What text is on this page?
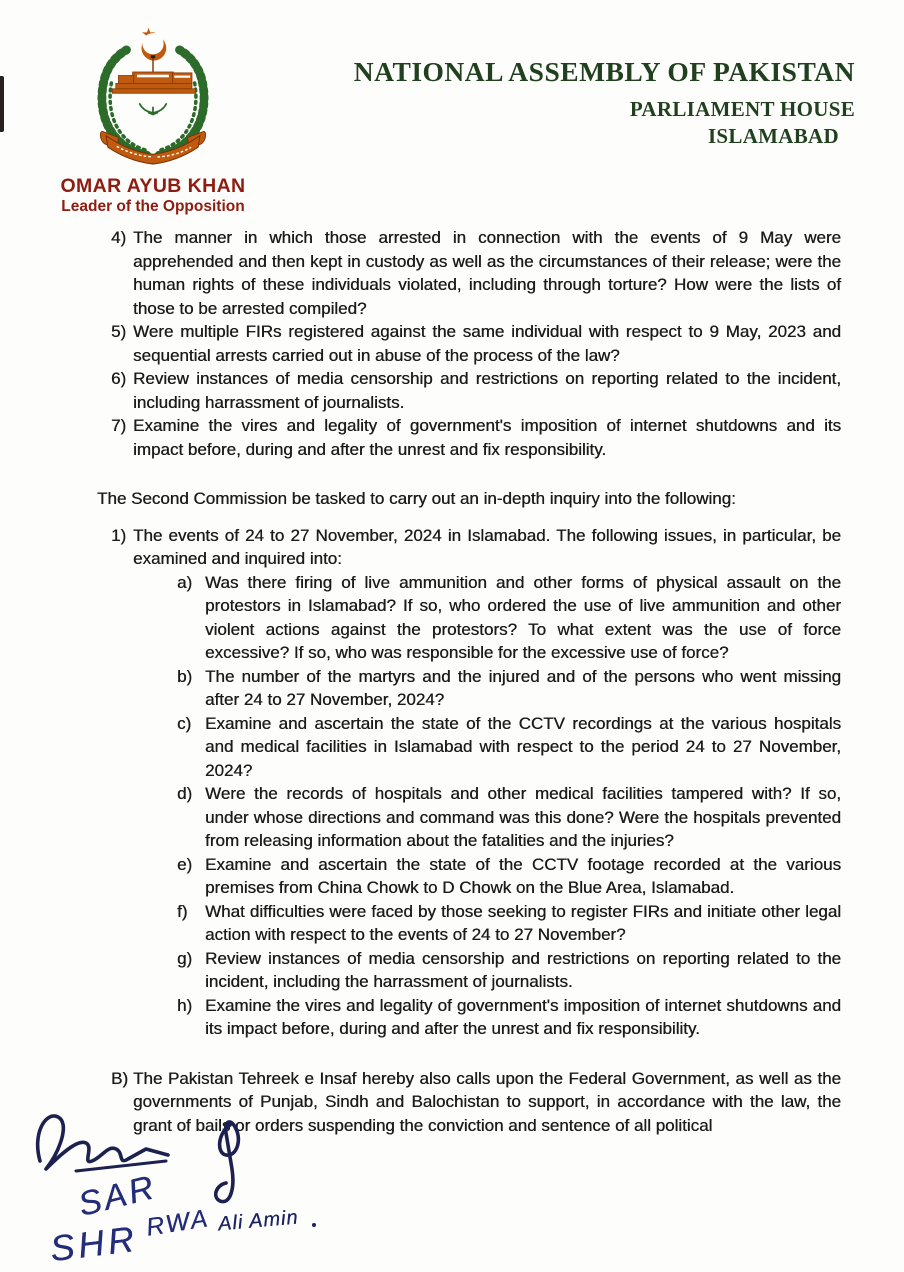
OMAR AYUB KHAN
Leader of the Opposition
NATIONAL ASSEMBLY OF PAKISTAN
PARLIAMENT HOUSE
ISLAMABAD
4) The manner in which those arrested in connection with the events of 9 May were apprehended and then kept in custody as well as the circumstances of their release; were the human rights of these individuals violated, including through torture? How were the lists of those to be arrested compiled?
5) Were multiple FIRs registered against the same individual with respect to 9 May, 2023 and sequential arrests carried out in abuse of the process of the law?
6) Review instances of media censorship and restrictions on reporting related to the incident, including harrassment of journalists.
7) Examine the vires and legality of government's imposition of internet shutdowns and its impact before, during and after the unrest and fix responsibility.
The Second Commission be tasked to carry out an in-depth inquiry into the following:
1) The events of 24 to 27 November, 2024 in Islamabad. The following issues, in particular, be examined and inquired into:
a) Was there firing of live ammunition and other forms of physical assault on the protestors in Islamabad? If so, who ordered the use of live ammunition and other violent actions against the protestors? To what extent was the use of force excessive? If so, who was responsible for the excessive use of force?
b) The number of the martyrs and the injured and of the persons who went missing after 24 to 27 November, 2024?
c) Examine and ascertain the state of the CCTV recordings at the various hospitals and medical facilities in Islamabad with respect to the period 24 to 27 November, 2024?
d) Were the records of hospitals and other medical facilities tampered with? If so, under whose directions and command was this done? Were the hospitals prevented from releasing information about the fatalities and the injuries?
e) Examine and ascertain the state of the CCTV footage recorded at the various premises from China Chowk to D Chowk on the Blue Area, Islamabad.
f) What difficulties were faced by those seeking to register FIRs and initiate other legal action with respect to the events of 24 to 27 November?
g) Review instances of media censorship and restrictions on reporting related to the incident, including the harrassment of journalists.
h) Examine the vires and legality of government's imposition of internet shutdowns and its impact before, during and after the unrest and fix responsibility.
B) The Pakistan Tehreek e Insaf hereby also calls upon the Federal Government, as well as the governments of Punjab, Sindh and Balochistan to support, in accordance with the law, the grant of bails or orders suspending the conviction and sentence of all political
SAR
SHR RWA Ali Amin
